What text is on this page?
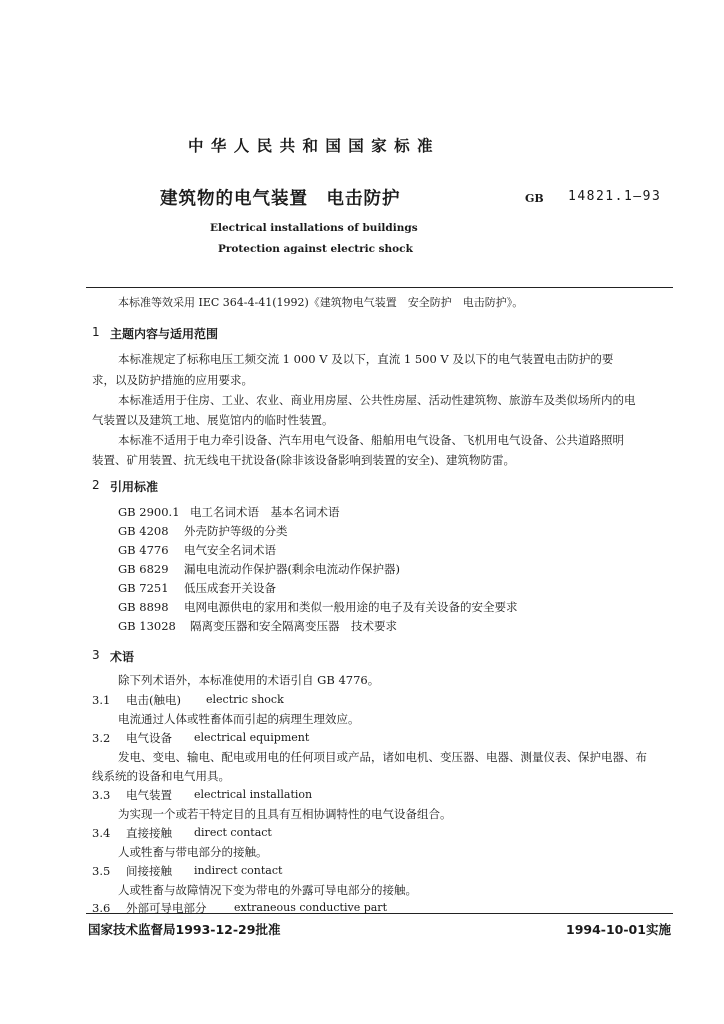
中 华 人 民 共 和 国 国 家 标 准
建筑物的电气装置　电击防护	GB 14821.1—93
Electrical installations of buildings
Protection against electric shock
本标准等效采用 IEC 364-4-41(1992)《建筑物电气装置　安全防护　电击防护》。
1 主题内容与适用范围
本标准规定了标称电压工频交流 1 000 V 及以下，直流 1 500 V 及以下的电气装置电击防护的要
求，以及防护措施的应用要求。
本标准适用于住房、工业、农业、商业用房屋、公共性房屋、活动性建筑物、旅游车及类似场所内的电
气装置以及建筑工地、展览馆内的临时性装置。
本标准不适用于电力牵引设备、汽车用电气设备、船舶用电气设备、飞机用电气设备、公共道路照明
装置、矿用装置、抗无线电干扰设备(除非该设备影响到装置的安全)、建筑物防雷。
2 引用标准
GB 2900.1 电工名词术语　基本名词术语
GB 4208 外壳防护等级的分类
GB 4776 电气安全名词术语
GB 6829 漏电电流动作保护器(剩余电流动作保护器)
GB 7251 低压成套开关设备
GB 8898 电网电源供电的家用和类似一般用途的电子及有关设备的安全要求
GB 13028 隔离变压器和安全隔离变压器　技术要求
3 术语
除下列术语外，本标准使用的术语引自 GB 4776。
3.1 电击(触电) electric shock
电流通过人体或牲畜体而引起的病理生理效应。
3.2 电气设备 electrical equipment
发电、变电、输电、配电或用电的任何项目或产品，诸如电机、变压器、电器、测量仪表、保护电器、布
线系统的设备和电气用具。
3.3 电气装置 electrical installation
为实现一个或若干特定目的且具有互相协调特性的电气设备组合。
3.4 直接接触 direct contact
人或牲畜与带电部分的接触。
3.5 间接接触 indirect contact
人或牲畜与故障情况下变为带电的外露可导电部分的接触。
3.6 外部可导电部分	extraneous conductive part
国家技术监督局1993-12-29批准	1994-10-01实施
